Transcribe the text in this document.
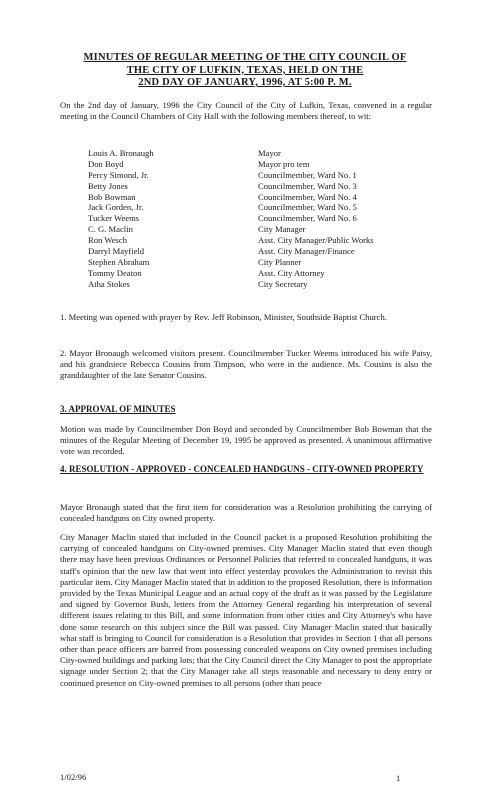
MINUTES OF REGULAR MEETING OF THE CITY COUNCIL OF
THE CITY OF LUFKIN, TEXAS, HELD ON THE
2ND DAY OF JANUARY, 1996, AT 5:00 P. M.
On the 2nd day of January, 1996 the City Council of the City of Lufkin, Texas, convened in a regular meeting in the Council Chambers of City Hall with the following members thereof, to wit:
Louis A. Bronaugh	Mayor
Don Boyd	Mayor pro tem
Percy Simond, Jr.	Councilmember, Ward No. 1
Betty Jones	Councilmember, Ward No. 3
Bob Bowman	Councilmember, Ward No. 4
Jack Gorden, Jr.	Councilmember, Ward No. 5
Tucker Weems	Councilmember, Ward No. 6
C. G. Maclin	City Manager
Ron Wesch	Asst. City Manager/Public Works
Darryl Mayfield	Asst. City Manager/Finance
Stephen Abraham	City Planner
Tommy Deaton	Asst. City Attorney
Atha Stokes	City Secretary
1. Meeting was opened with prayer by Rev. Jeff Robinson, Minister, Southside Baptist Church.
2. Mayor Bronaugh welcomed visitors present. Councilmember Tucker Weems introduced his wife Patsy, and his grandniece Rebecca Cousins from Timpson, who were in the audience. Ms. Cousins is also the granddaughter of the late Senator Cousins.
3. APPROVAL OF MINUTES
Motion was made by Councilmember Don Boyd and seconded by Councilmember Bob Bowman that the minutes of the Regular Meeting of December 19, 1995 be approved as presented. A unanimous affirmative vote was recorded.
4. RESOLUTION - APPROVED - CONCEALED HANDGUNS - CITY-OWNED PROPERTY
Mayor Bronaugh stated that the first item for consideration was a Resolution prohibiting the carrying of concealed handguns on City owned property.
City Manager Maclin stated that included in the Council packet is a proposed Resolution prohibiting the carrying of concealed handguns on City-owned premises. City Manager Maclin stated that even though there may have been previous Ordinances or Personnel Policies that referred to concealed handguns, it was staff's opinion that the new law that went into effect yesterday provokes the Administration to revisit this particular item. City Manager Maclin stated that in addition to the proposed Resolution, there is information provided by the Texas Municipal League and an actual copy of the draft as it was passed by the Legislature and signed by Governor Bush, letters from the Attorney General regarding his interpretation of several different issues relating to this Bill, and some information from other cities and City Attorney's who have done some research on this subject since the Bill was passed. City Manager Maclin stated that basically what staff is bringing to Council for consideration is a Resolution that provides in Section 1 that all persons other than peace officers are barred from possessing concealed weapons on City owned premises including City-owned buildings and parking lots; that the City Council direct the City Manager to post the appropriate signage under Section 2; that the City Manager take all steps reasonable and necessary to deny entry or continued presence on City-owned premises to all persons (other than peace
1/02/96	1
